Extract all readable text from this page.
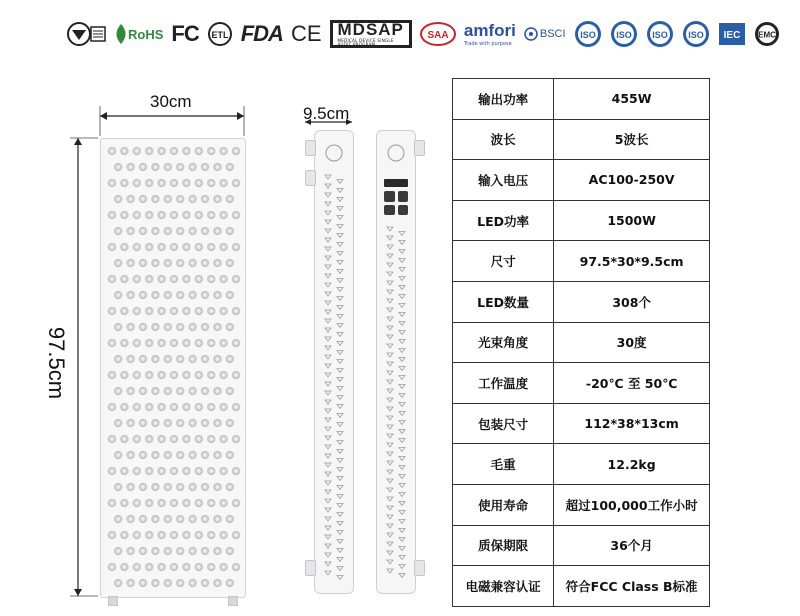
RoHS FC ETL FDA CE MDSAP
MEDICAL DEVICE SINGLE AUDIT PROGRAM
SAA amfori
Trade with purpose
BSCI ISO ISO ISO ISO IEC EMC
30cm
9.5cm
97.5cm
输出功率	455W
波长	5波长
输入电压	AC100-250V
LED功率	1500W
尺寸	97.5*30*9.5cm
LED数量	308个
光束角度	30度
工作温度	-20℃ 至 50℃
包装尺寸	112*38*13cm
毛重	12.2kg
使用寿命	超过100,000工作小时
质保期限	36个月
电磁兼容认证	符合FCC Class B标准
